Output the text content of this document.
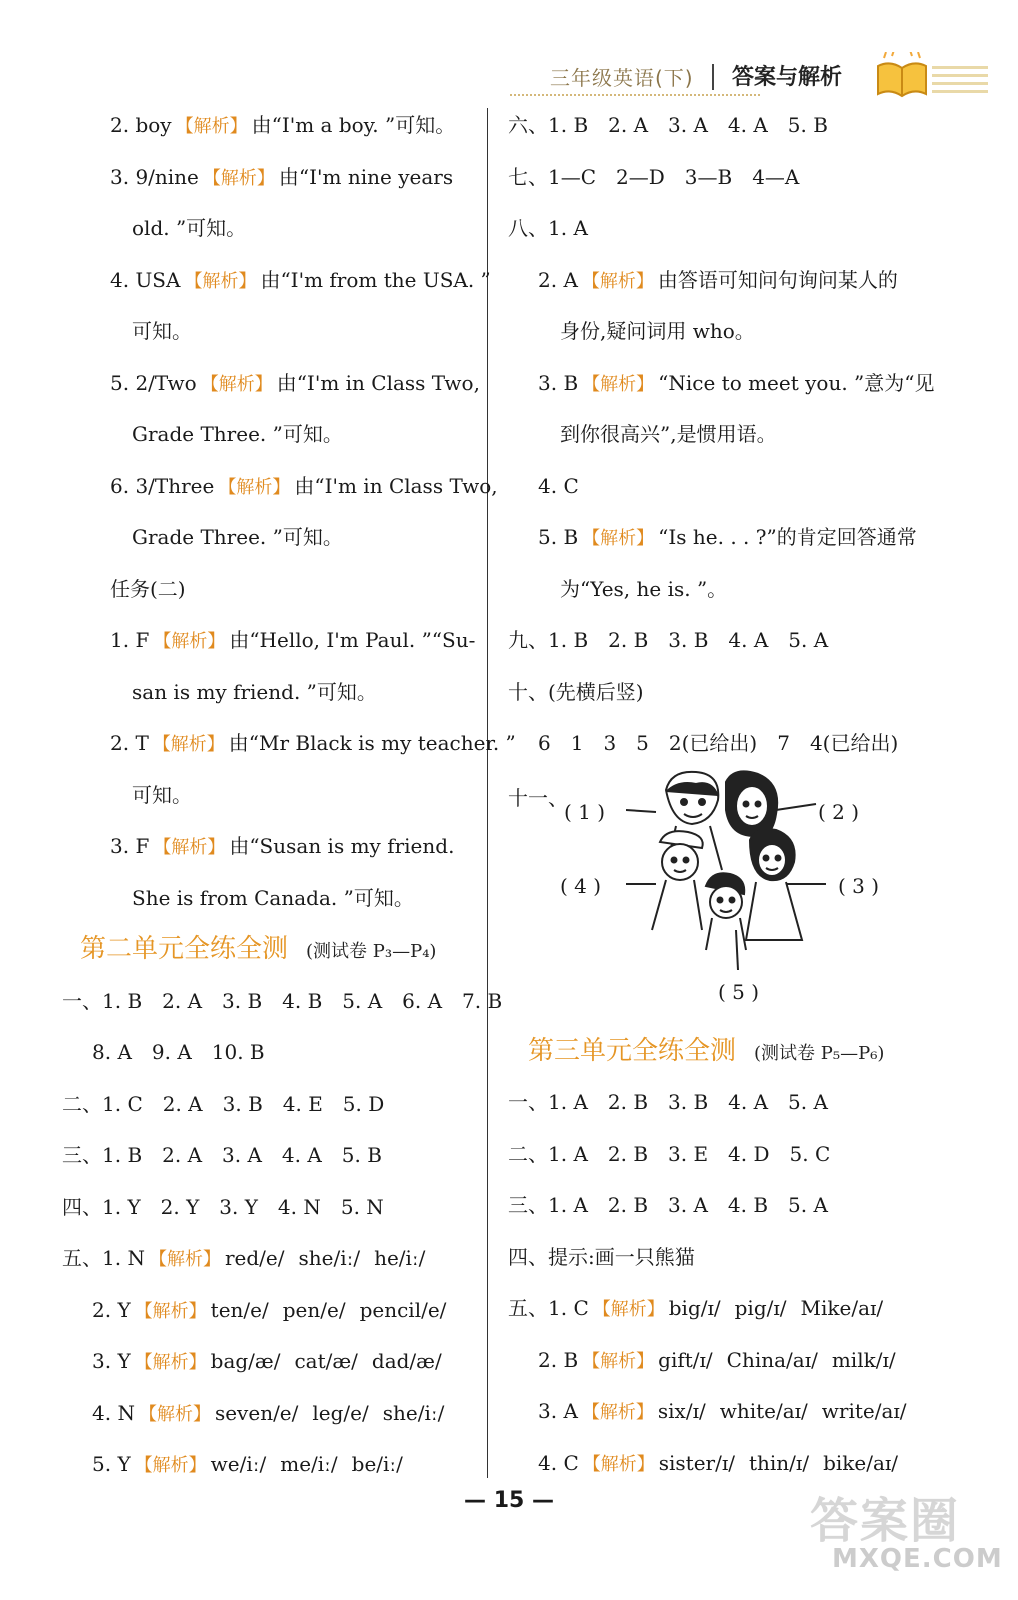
三年级英语(下) 答案与解析
2. boy 【解析】 由“I'm a boy. ”可知。
3. 9/nine 【解析】 由“I'm nine years
old. ”可知。
4. USA 【解析】 由“I'm from the USA. ”
可知。
5. 2/Two 【解析】 由“I'm in Class Two,
Grade Three. ”可知。
6. 3/Three 【解析】 由“I'm in Class Two,
Grade Three. ”可知。
任务(二)
1. F 【解析】 由“Hello, I'm Paul. ”“Su-
san is my friend. ”可知。
2. T 【解析】 由“Mr Black is my teacher. ”
可知。
3. F 【解析】 由“Susan is my friend.
She is from Canada. ”可知。
第二单元全练全测 (测试卷 P₃—P₄)
一、1. B　2. A　3. B　4. B　5. A　6. A　7. B
8. A　9. A　10. B
二、1. C　2. A　3. B　4. E　5. D
三、1. B　2. A　3. A　4. A　5. B
四、1. Y　2. Y　3. Y　4. N　5. N
五、1. N 【解析】 red/e/ she/iː/ he/iː/
2. Y 【解析】 ten/e/ pen/e/ pencil/e/
3. Y 【解析】 bag/æ/ cat/æ/ dad/æ/
4. N 【解析】 seven/e/ leg/e/ she/iː/
5. Y 【解析】 we/iː/ me/iː/ be/iː/
六、1. B　2. A　3. A　4. A　5. B
七、1—C　2—D　3—B　4—A
八、1. A
2. A 【解析】 由答语可知问句询问某人的
身份,疑问词用 who。
3. B 【解析】 “Nice to meet you. ”意为“见
到你很高兴”,是惯用语。
4. C
5. B 【解析】 “Is he. . . ?”的肯定回答通常
为“Yes, he is. ”。
九、1. B　2. B　3. B　4. A　5. A
十、(先横后竖)
6　1　3　5　2(已给出)　7　4(已给出)
十一、
( 1 )	( 2 )
( 3 )
( 4 )
( 5 )
第三单元全练全测 (测试卷 P₅—P₆)
一、1. A　2. B　3. B　4. A　5. A
二、1. A　2. B　3. E　4. D　5. C
三、1. A　2. B　3. A　4. B　5. A
四、提示:画一只熊猫
五、1. C 【解析】 big/ɪ/ pig/ɪ/ Mike/aɪ/
2. B 【解析】 gift/ɪ/ China/aɪ/ milk/ɪ/
3. A 【解析】 six/ɪ/ white/aɪ/ write/aɪ/
4. C 【解析】 sister/ɪ/ thin/ɪ/ bike/aɪ/
— 15 —	答案圈
MXQE.COM
